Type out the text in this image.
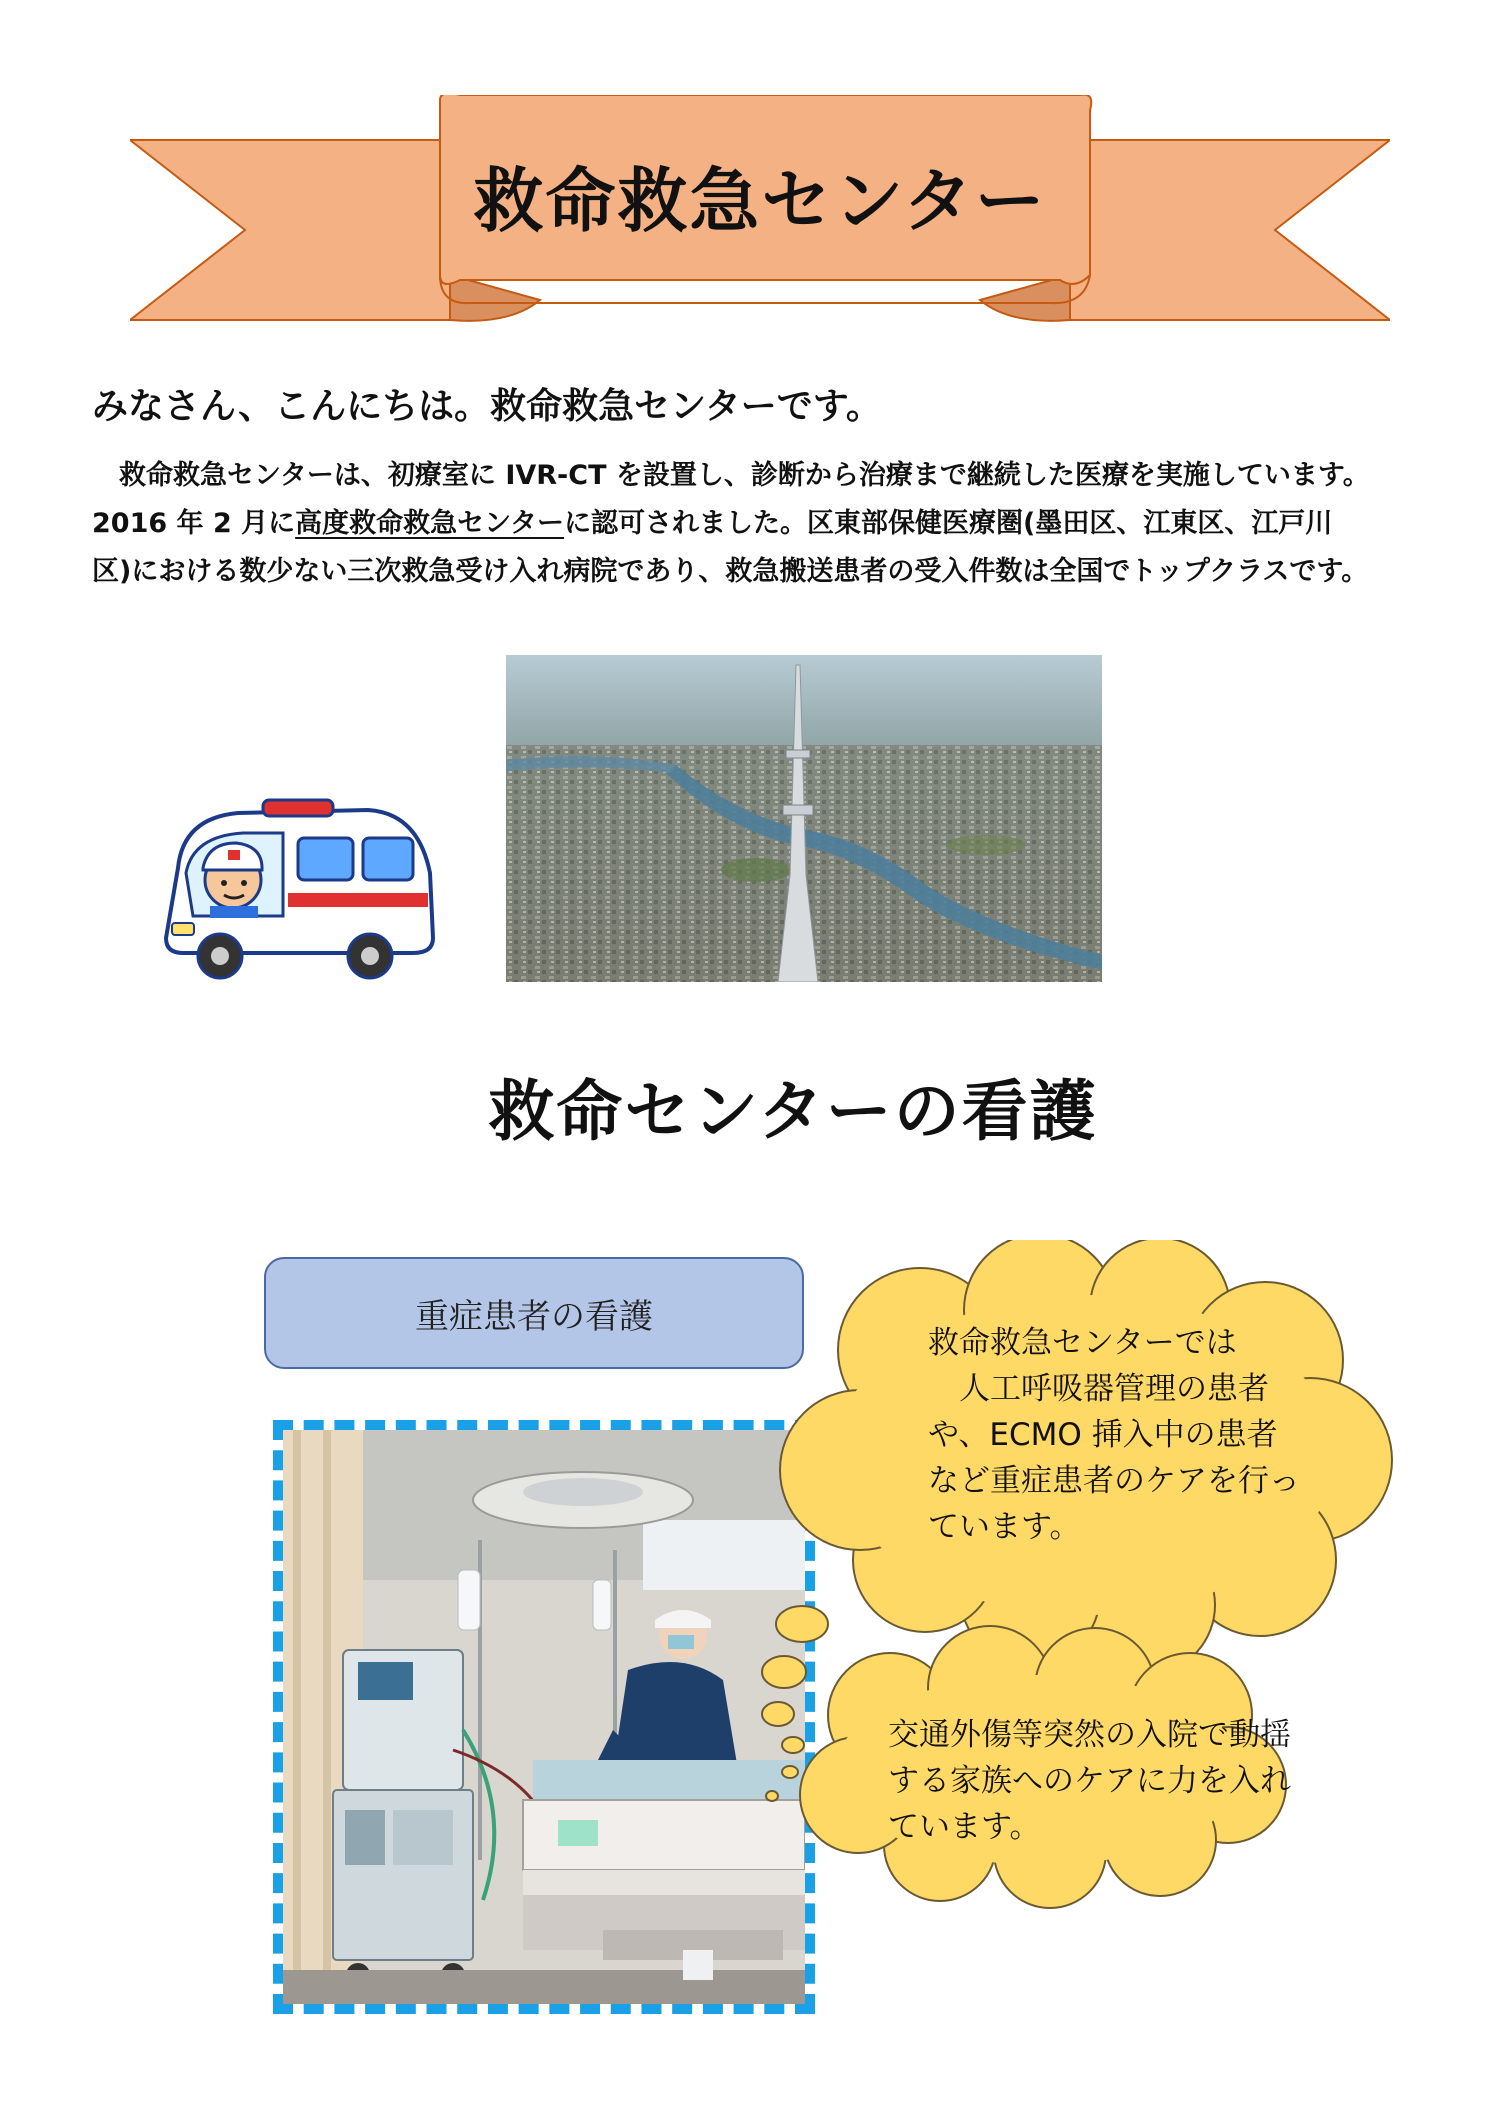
救命救急センター
みなさん、こんにちは。救命救急センターです。
　救命救急センターは、初療室に IVR-CT を設置し、診断から治療まで継続した医療を実施しています。
2016 年 2 月に高度救命救急センターに認可されました。区東部保健医療圏(墨田区、江東区、江戸川
区)における数少ない三次救急受け入れ病院であり、救急搬送患者の受入件数は全国でトップクラスです。
救命センターの看護
重症患者の看護
救命救急センターでは
　人工呼吸器管理の患者
や、ECMO 挿入中の患者
など重症患者のケアを行っ
ています。
交通外傷等突然の入院で動揺
する家族へのケアに力を入れ
ています。
